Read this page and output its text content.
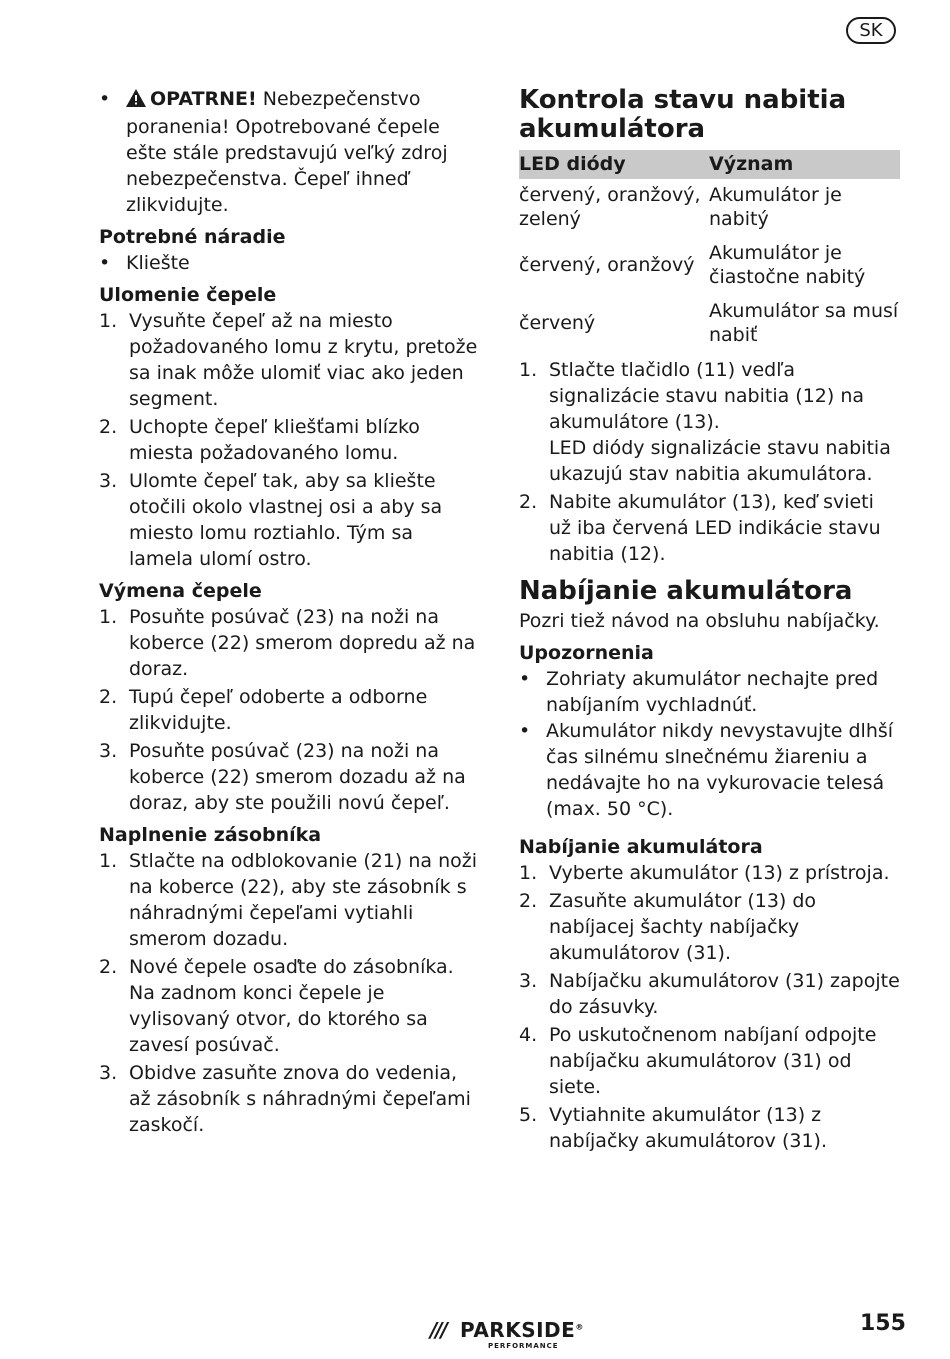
SK
• OPATRNE! Nebezpečenstvo poranenia! Opotrebované čepele ešte stále predstavujú veľký zdroj nebezpečenstva. Čepeľ ihneď zlikvidujte.
Potrebné náradie
• Kliešte
Ulomenie čepele
1. Vysuňte čepeľ až na miesto požadovaného lomu z krytu, pretože sa inak môže ulomiť viac ako jeden segment.
2. Uchopte čepeľ kliešťami blízko miesta požadovaného lomu.
3. Ulomte čepeľ tak, aby sa kliešte otočili okolo vlastnej osi a aby sa miesto lomu roztiahlo. Tým sa lamela ulomí ostro.
Výmena čepele
1. Posuňte posúvač (23) na noži na koberce (22) smerom dopredu až na doraz.
2. Tupú čepeľ odoberte a odborne zlikvidujte.
3. Posuňte posúvač (23) na noži na koberce (22) smerom dozadu až na doraz, aby ste použili novú čepeľ.
Naplnenie zásobníka
1. Stlačte na odblokovanie (21) na noži na koberce (22), aby ste zásobník s náhradnými čepeľami vytiahli smerom dozadu.
2. Nové čepele osaďte do zásobníka. Na zadnom konci čepele je vylisovaný otvor, do ktorého sa zavesí posúvač.
3. Obidve zasuňte znova do vedenia, až zásobník s náhradnými čepeľami zaskočí.
Kontrola stavu nabitia akumulátora
LED diódy	Význam
červený, oranžový, zelený	Akumulátor je nabitý
červený, oranžový	Akumulátor je čiastočne nabitý
červený	Akumulátor sa musí nabiť
1. Stlačte tlačidlo (11) vedľa signalizácie stavu nabitia (12) na akumulátore (13).
LED diódy signalizácie stavu nabitia ukazujú stav nabitia akumulátora.
2. Nabite akumulátor (13), keď svieti už iba červená LED indikácie stavu nabitia (12).
Nabíjanie akumulátora
Pozri tiež návod na obsluhu nabíjačky.
Upozornenia
• Zohriaty akumulátor nechajte pred nabíjaním vychladnúť.
• Akumulátor nikdy nevystavujte dlhší čas silnému slnečnému žiareniu a nedávajte ho na vykurovacie telesá (max. 50 °C).
Nabíjanie akumulátora
1. Vyberte akumulátor (13) z prístroja.
2. Zasuňte akumulátor (13) do nabíjacej šachty nabíjačky akumulátorov (31).
3. Nabíjačku akumulátorov (31) zapojte do zásuvky.
4. Po uskutočnenom nabíjaní odpojte nabíjačku akumulátorov (31) od siete.
5. Vytiahnite akumulátor (13) z nabíjačky akumulátorov (31).
/// PARKSIDE®
PERFORMANCE
155
